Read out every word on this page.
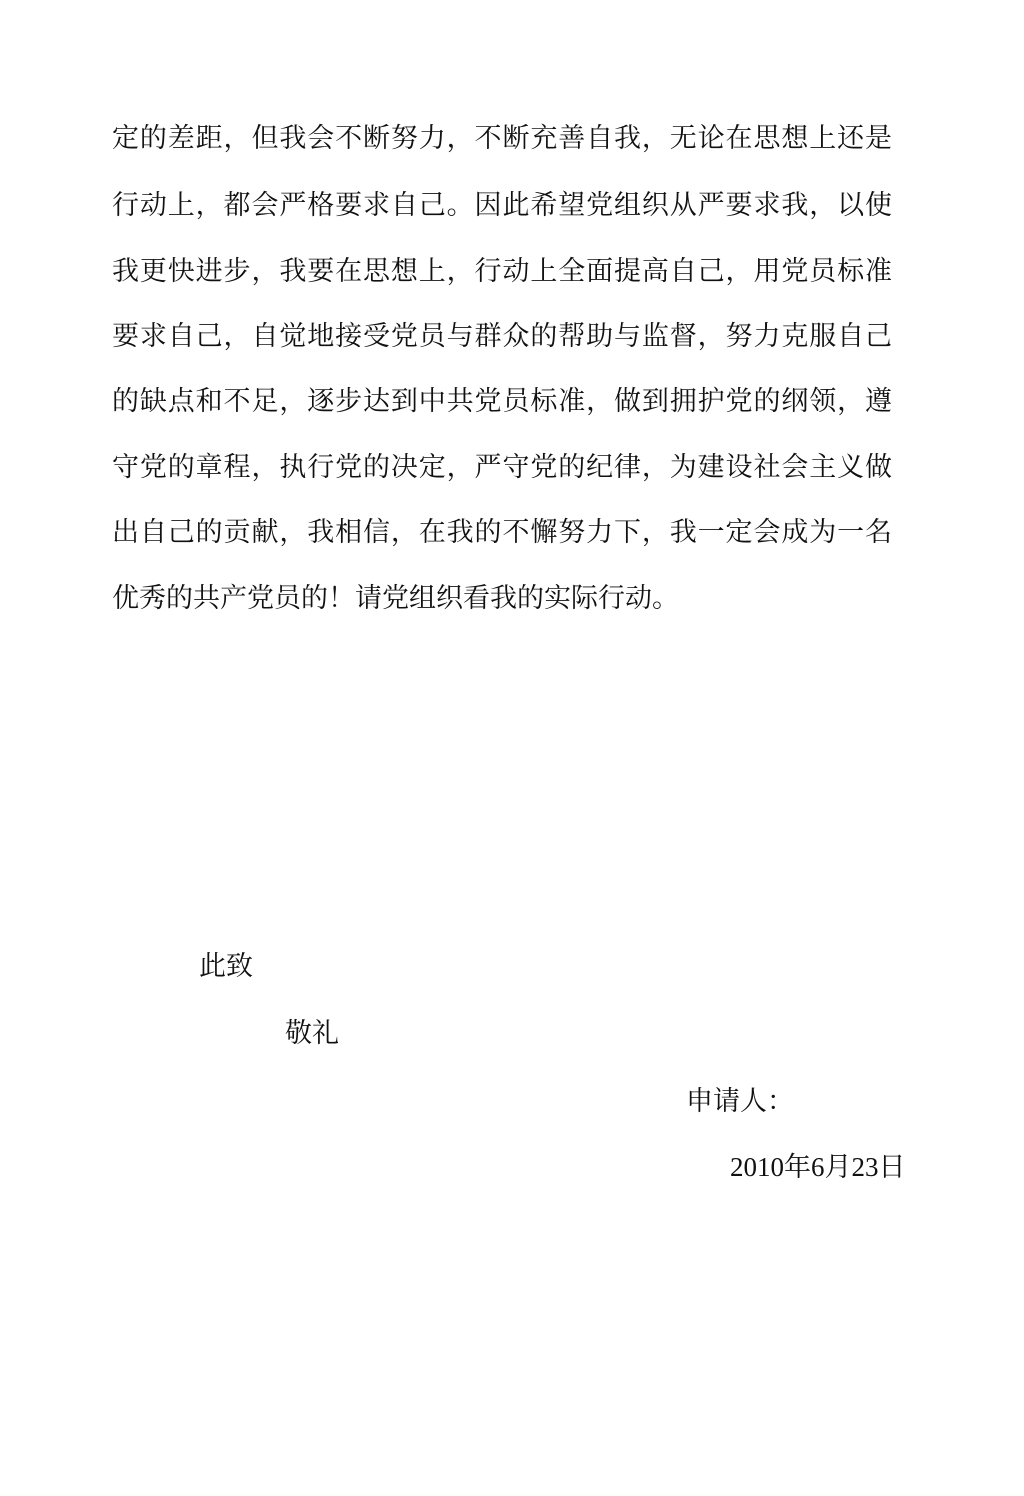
定的差距，但我会不断努力，不断充善自我，无论在思想上还是
行动上，都会严格要求自己。因此希望党组织从严要求我，以使
我更快进步，我要在思想上，行动上全面提高自己，用党员标准
要求自己，自觉地接受党员与群众的帮助与监督，努力克服自己
的缺点和不足，逐步达到中共党员标准，做到拥护党的纲领，遵
守党的章程，执行党的决定，严守党的纪律，为建设社会主义做
出自己的贡献，我相信，在我的不懈努力下，我一定会成为一名
优秀的共产党员的！请党组织看我的实际行动。
此致
敬礼
申请人：
2010年6月23日
